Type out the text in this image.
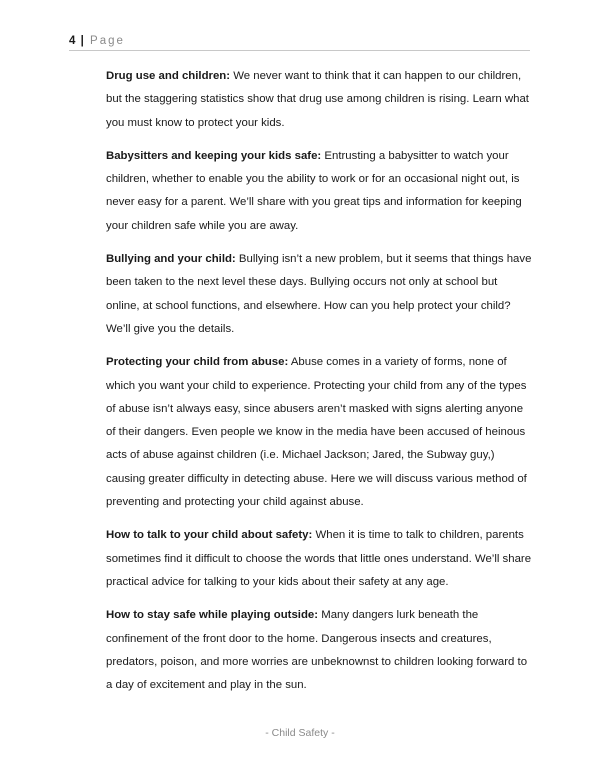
4 | Page

Drug use and children: We never want to think that it can happen to our children, but the staggering statistics show that drug use among children is rising. Learn what you must know to protect your kids.

Babysitters and keeping your kids safe: Entrusting a babysitter to watch your children, whether to enable you the ability to work or for an occasional night out, is never easy for a parent. We’ll share with you great tips and information for keeping your children safe while you are away.

Bullying and your child: Bullying isn’t a new problem, but it seems that things have been taken to the next level these days. Bullying occurs not only at school but online, at school functions, and elsewhere. How can you help protect your child? We’ll give you the details.

Protecting your child from abuse: Abuse comes in a variety of forms, none of which you want your child to experience. Protecting your child from any of the types of abuse isn’t always easy, since abusers aren’t masked with signs alerting anyone of their dangers. Even people we know in the media have been accused of heinous acts of abuse against children (i.e. Michael Jackson; Jared, the Subway guy,) causing greater difficulty in detecting abuse. Here we will discuss various method of preventing and protecting your child against abuse.

How to talk to your child about safety: When it is time to talk to children, parents sometimes find it difficult to choose the words that little ones understand. We’ll share practical advice for talking to your kids about their safety at any age.

How to stay safe while playing outside: Many dangers lurk beneath the confinement of the front door to the home. Dangerous insects and creatures, predators, poison, and more worries are unbeknownst to children looking forward to a day of excitement and play in the sun.

- Child Safety -
